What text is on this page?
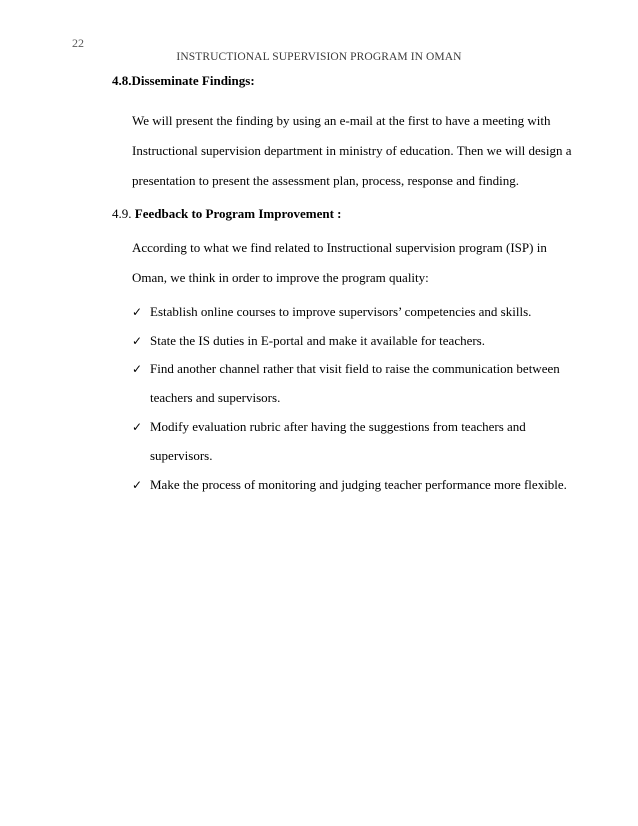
22
INSTRUCTIONAL SUPERVISION PROGRAM IN OMAN
4.8.Disseminate Findings:
We will present the finding by using an e-mail at the first to have a meeting with
Instructional supervision department in ministry of education. Then we will design a
presentation to present the assessment plan, process, response and finding.
4.9. Feedback to Program Improvement :
According to what we find related to Instructional supervision program (ISP) in
Oman, we think in order to improve the program quality:
✓ Establish online courses to improve supervisors’ competencies and skills.
✓ State the IS duties in E-portal and make it available for teachers.
✓ Find another channel rather that visit field to raise the communication between
teachers and supervisors.
✓ Modify evaluation rubric after having the suggestions from teachers and
supervisors.
✓ Make the process of monitoring and judging teacher performance more flexible.
